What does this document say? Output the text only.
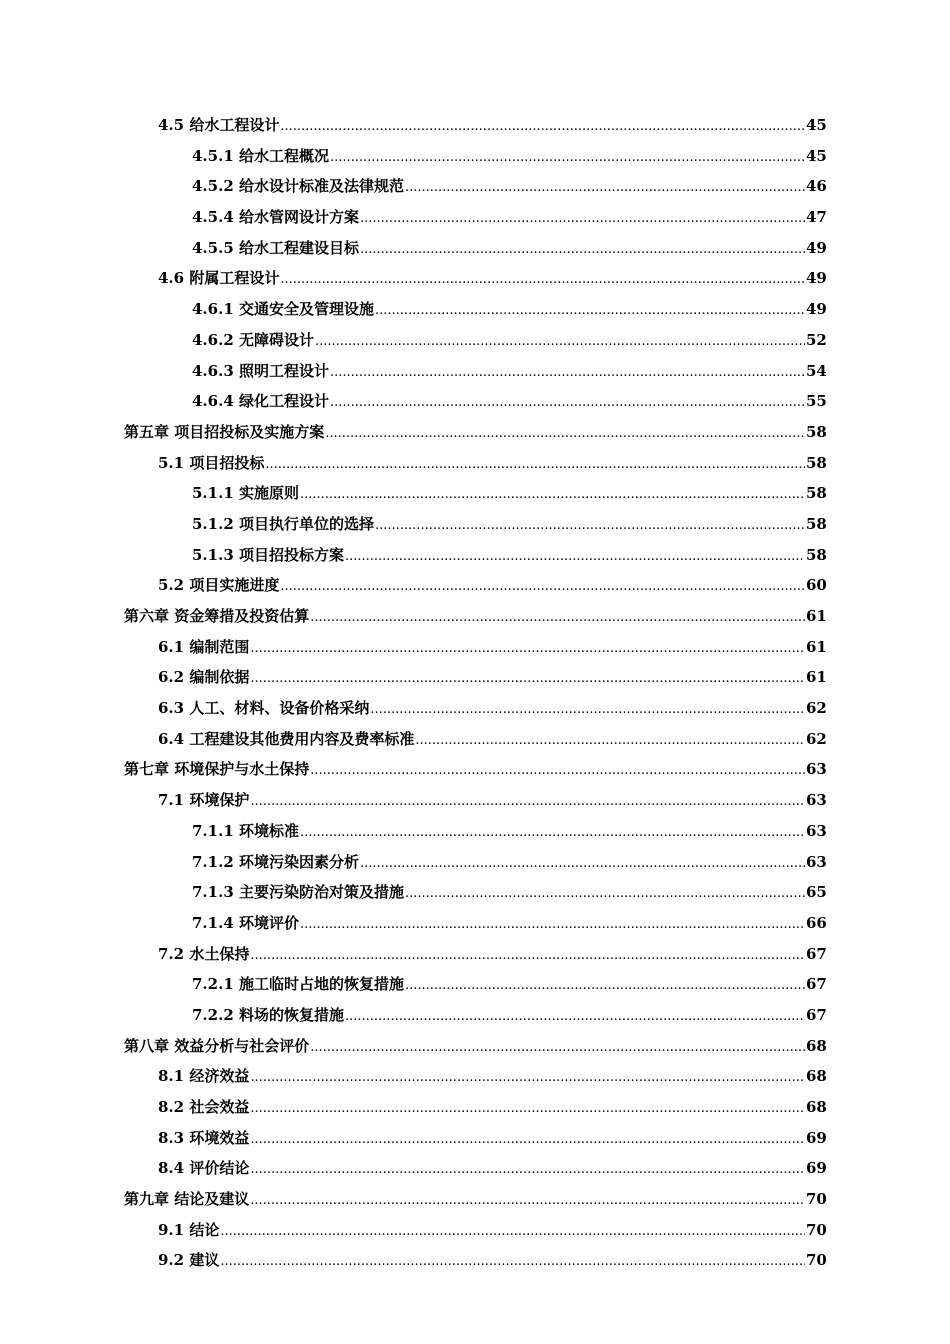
4.5 给水工程设计 .....	45
4.5.1 给水工程概况 .....	45
4.5.2 给水设计标准及法律规范 .....	46
4.5.4 给水管网设计方案 .....	47
4.5.5 给水工程建设目标 .....	49
4.6 附属工程设计 .....	49
4.6.1 交通安全及管理设施 .....	49
4.6.2 无障碍设计 .....	52
4.6.3 照明工程设计 .....	54
4.6.4 绿化工程设计 .....	55
第五章 项目招投标及实施方案 .....	58
5.1 项目招投标 .....	58
5.1.1 实施原则 .....	58
5.1.2 项目执行单位的选择 .....	58
5.1.3 项目招投标方案 .....	58
5.2 项目实施进度 .....	60
第六章 资金筹措及投资估算 .....	61
6.1 编制范围 .....	61
6.2 编制依据 .....	61
6.3 人工、材料、设备价格采纳 .....	62
6.4 工程建设其他费用内容及费率标准 .....	62
第七章 环境保护与水土保持 .....	63
7.1 环境保护 .....	63
7.1.1 环境标准 .....	63
7.1.2 环境污染因素分析 .....	63
7.1.3 主要污染防治对策及措施 .....	65
7.1.4 环境评价 .....	66
7.2 水土保持 .....	67
7.2.1 施工临时占地的恢复措施 .....	67
7.2.2 料场的恢复措施 .....	67
第八章 效益分析与社会评价 .....	68
8.1 经济效益 .....	68
8.2 社会效益 .....	68
8.3 环境效益 .....	69
8.4 评价结论 .....	69
第九章 结论及建议 .....	70
9.1 结论 .....	70
9.2 建议 .....	70
